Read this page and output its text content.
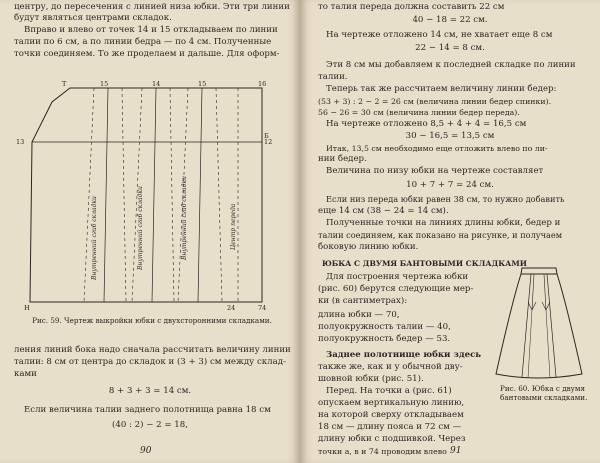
центру, до пересечения с линией низа юбки. Эти три линии
будут являться центрами складок.
Вправо и влево от точек 14 и 15 откладываем по линии
талии по 6 см, а по линии бедра — по 4 см. Полученные
точки соединяем. То же проделаем и дальше. Для оформ-
Т	15	14	15	16
13	12
Б
Н	24	74
Внутренний сгиб складки	Внутренний сгиб складки	Внутренний сгиб складки	Центр переда
Рис. 59. Чертеж выкройки юбки с двухсторонними складками.
ления линий бока надо сначала рассчитать величину линии
талии: 8 см от центра до складок и (3 + 3) см между склад-
ками
8 + 3 + 3 = 14 см.
Если величина талии заднего полотнища равна 18 см
(40 : 2) − 2 = 18,
90
то талия переда должна составить 22 см
40 − 18 = 22 см.
На чертеже отложено 14 см, не хватает еще 8 см
22 − 14 = 8 см.
Эти 8 см мы добавляем к последней складке по линии
талии.
Теперь так же рассчитаем величину линии бедер:
(53 + 3) : 2 − 2 = 26 см (величина линии бедер спинки).
56 − 26 = 30 см (величина линии бедер переда).
На чертеже отложено 8,5 + 4 + 4 = 16,5 см
30 − 16,5 = 13,5 см
Итак, 13,5 см необходимо еще отложить влево по ли-
нии бедер.
Величина по низу юбки на чертеже составляет
10 + 7 + 7 = 24 см.
Если низ переда юбки равен 38 см, то нужно добавить
еще 14 см (38 − 24 = 14 см).
Полученные точки на линиях длины юбки, бедер и
талии соединяем, как показано на рисунке, и получаем
боковую линию юбки.
ЮБКА С ДВУМЯ БАНТОВЫМИ СКЛАДКАМИ
Для построения чертежа юбки
(рис. 60) берутся следующие мер-
ки (в сантиметрах):
длина юбки — 70,
полуокружность талии — 40,
полуокружность бедер — 53.
Заднее полотнище юбки здесь
также же, как и у обычной дву-
шовной юбки (рис. 51).
Перед. На точки а (рис. 61)
опускаем вертикальную линию,
на которой сверху откладываем
18 см — длину пояса и 72 см —
длину юбки с подшивкой. Через
точки а, в и 74 проводим влево
Рис. 60. Юбка с двумя бантовыми складками.
91
